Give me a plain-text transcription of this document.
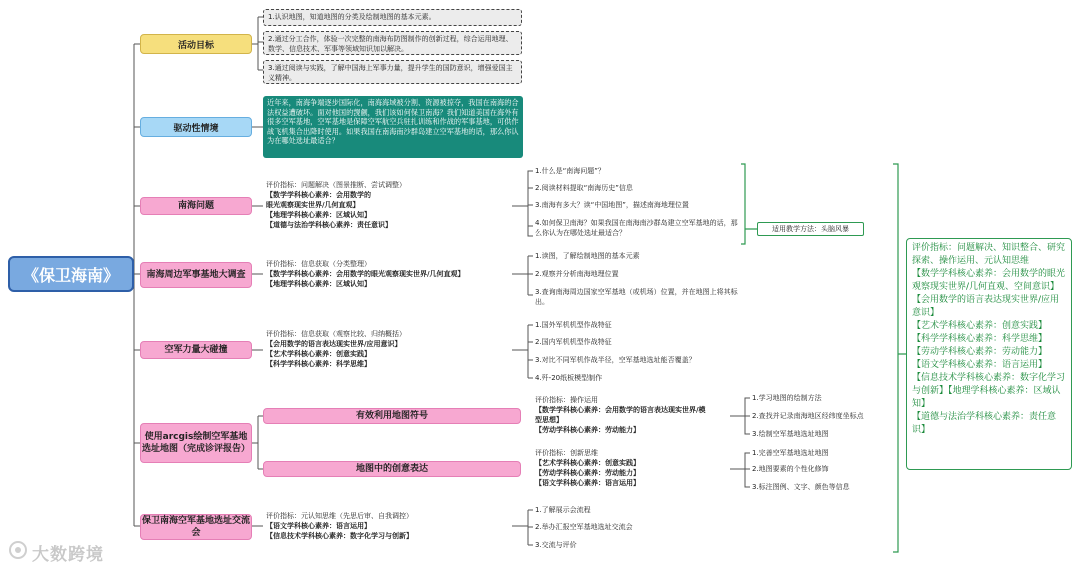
《保卫海南》
活动目标
1.认识地图，知道地图的分类及绘制地图的基本元素。
2.通过分工合作，体验一次完整的南海布防图制作的创新过程，综合运用地理、数学、信息技术、军事等领域知识加以解决。
3.通过阅读与实践，了解中国海上军事力量，提升学生的国防意识，增强爱国主义精神。
驱动性情境
近年来，南海争端逐步国际化，南海海域被分割、资源被掠夺，我国在南海的合法权益遭破坏。面对他国的觊觎，我们该如何保卫南海？我们知道美国在海外有很多空军基地，空军基地是保障空军航空兵驻扎训练和作战的军事基地，可供作战飞机集合出降时使用。如果我国在南海南沙群岛建立空军基地的话，那么你认为在哪处选址最适合？
南海问题
评价指标：问题解决（图景推断、尝试调整）
【数学学科核心素养：会用数学的
眼光观察现实世界/几何直观】
【地理学科核心素养：区域认知】
【道德与法治学科核心素养：责任意识】
1.什么是“南海问题”？
2.阅读材料提取“南海历史”信息
3.南海有多大？读“中国地图”，描述南海地理位置
4.如何保卫南海？如果我国在南海南沙群岛建立空军基地的话，那么你认为在哪处选址最适合？	适用教学方法：头脑风暴
南海周边军事基地大调查
评价指标：信息获取（分类整理）
【数学学科核心素养：会用数学的眼光观察现实世界/几何直观】
【地理学科核心素养：区域认知】
1.读图，了解绘制地图的基本元素
2.观察并分析南海地理位置
3.查询南海周边国家空军基地（或机场）位置，并在地图上将其标出。
空军力量大碰撞
评价指标：信息获取（观察比较、归纳概括）
【会用数学的语言表达现实世界/应用意识】
【艺术学科核心素养：创意实践】
【科学学科核心素养：科学思维】
1.国外军机机型作战特征
2.国内军机机型作战特征
3.对比不同军机作战半径，空军基地选址能否覆盖？
4.歼-20纸板模型制作
使用arcgis绘制空军基地选址地图（完成诊评报告）
有效利用地图符号
地图中的创意表达
评价指标：操作运用
【数学学科核心素养：会用数学的语言表达现实世界/模
型思想】
【劳动学科核心素养：劳动能力】
评价指标：创新思维
【艺术学科核心素养：创意实践】
【劳动学科核心素养：劳动能力】
【语文学科核心素养：语言运用】
1.学习地图的绘制方法
2.查找并记录南海地区经纬度坐标点
3.绘制空军基地选址地图
1.完善空军基地选址地图
2.地图要素的个性化修饰
3.标注图例、文字、颜色等信息
保卫南海空军基地选址交流会
评价指标：元认知思维（先思后审、自我调控）
【语文学科核心素养：语言运用】
【信息技术学科核心素养：数字化学习与创新】
1.了解展示会流程
2.举办汇报空军基地选址交流会
3.交流与评价
评价指标：问题解决、知识整合、研究探索、操作运用、元认知思维
【数学学科核心素养：会用数学的眼光观察现实世界/几何直观、空间意识】
【会用数学的语言表达现实世界/应用意识】
【艺术学科核心素养：创意实践】
【科学学科核心素养：科学思维】
【劳动学科核心素养：劳动能力】
【语文学科核心素养：语言运用】
【信息技术学科核心素养：数字化学习与创新】【地理学科核心素养：区域认知】
【道德与法治学科核心素养：责任意识】
大数跨境
